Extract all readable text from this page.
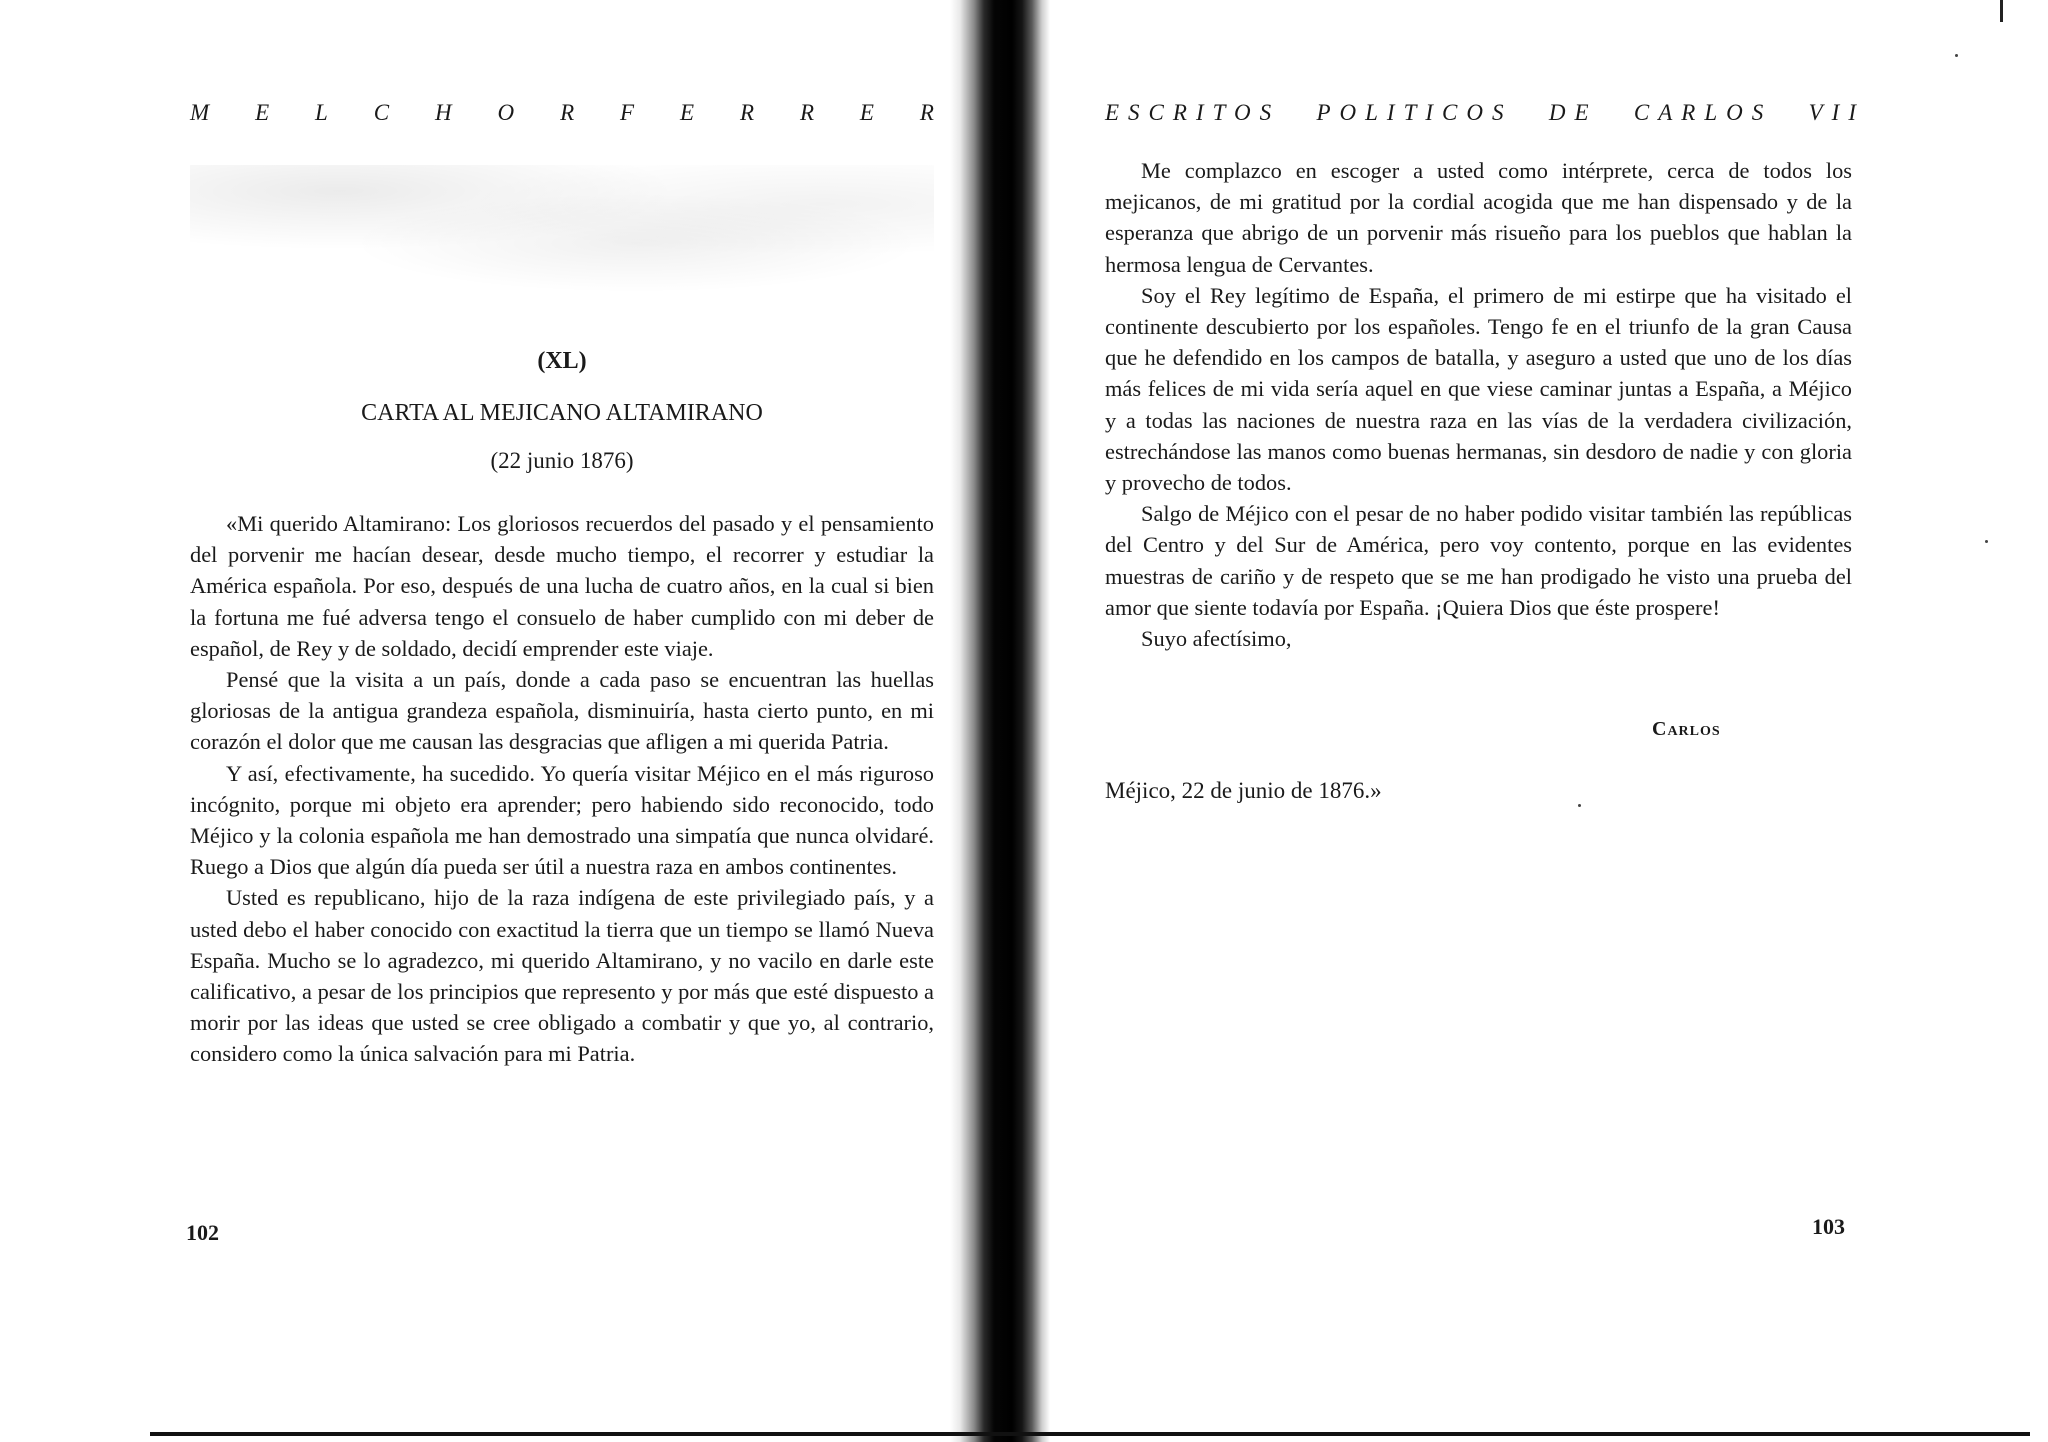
M E L C H O R F E R R E R
(XL)
CARTA AL MEJICANO ALTAMIRANO
(22 junio 1876)

«Mi querido Altamirano: Los gloriosos recuerdos del pasado y el pensamiento del porvenir me hacían desear, desde mucho tiempo, el recorrer y estudiar la América española. Por eso, después de una lucha de cuatro años, en la cual si bien la fortuna me fué adversa tengo el consuelo de haber cumplido con mi deber de español, de Rey y de soldado, decidí emprender este viaje.

Pensé que la visita a un país, donde a cada paso se encuentran las huellas gloriosas de la antigua grandeza española, disminuiría, hasta cierto punto, en mi corazón el dolor que me causan las desgracias que afligen a mi querida Patria.

Y así, efectivamente, ha sucedido. Yo quería visitar Méjico en el más riguroso incógnito, porque mi objeto era aprender; pero habiendo sido reconocido, todo Méjico y la colonia española me han demostrado una simpatía que nunca olvidaré. Ruego a Dios que algún día pueda ser útil a nuestra raza en ambos continentes.

Usted es republicano, hijo de la raza indígena de este privilegiado país, y a usted debo el haber conocido con exactitud la tierra que un tiempo se llamó Nueva España. Mucho se lo agradezco, mi querido Altamirano, y no vacilo en darle este calificativo, a pesar de los principios que represento y por más que esté dispuesto a morir por las ideas que usted se cree obligado a combatir y que yo, al contrario, considero como la única salvación para mi Patria.

102
ESCRITOS POLITICOS DE CARLOS VII

Me complazco en escoger a usted como intérprete, cerca de todos los mejicanos, de mi gratitud por la cordial acogida que me han dispensado y de la esperanza que abrigo de un porvenir más risueño para los pueblos que hablan la hermosa lengua de Cervantes.

Soy el Rey legítimo de España, el primero de mi estirpe que ha visitado el continente descubierto por los españoles. Tengo fe en el triunfo de la gran Causa que he defendido en los campos de batalla, y aseguro a usted que uno de los días más felices de mi vida sería aquel en que viese caminar juntas a España, a Méjico y a todas las naciones de nuestra raza en las vías de la verdadera civilización, estrechándose las manos como buenas hermanas, sin desdoro de nadie y con gloria y provecho de todos.

Salgo de Méjico con el pesar de no haber podido visitar también las repúblicas del Centro y del Sur de América, pero voy contento, porque en las evidentes muestras de cariño y de respeto que se me han prodigado he visto una prueba del amor que siente todavía por España. ¡Quiera Dios que éste prospere!

Suyo afectísimo,

Carlos
Méjico, 22 de junio de 1876.»
103
